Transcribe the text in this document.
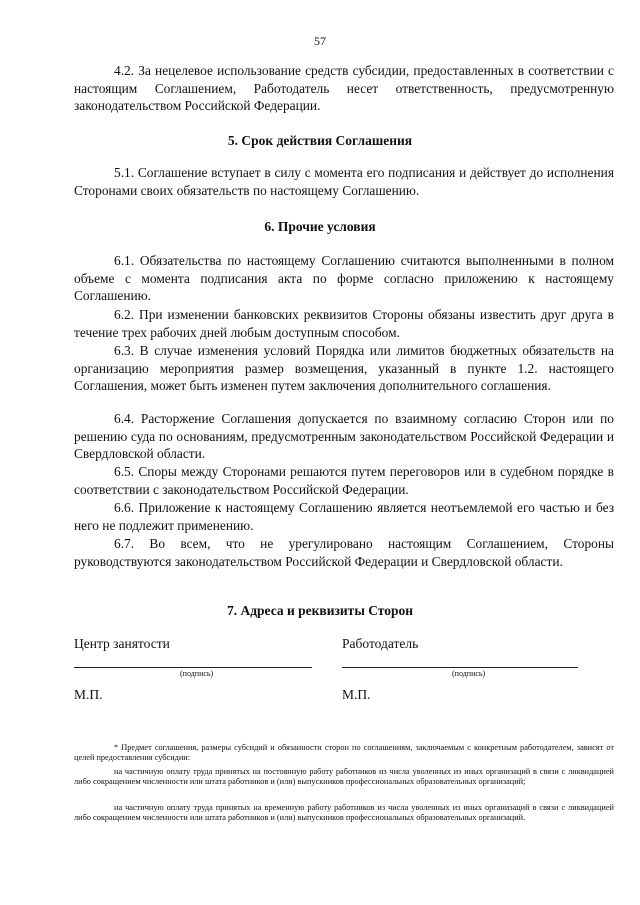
57

4.2. За нецелевое использование средств субсидии, предоставленных в соответствии с настоящим Соглашением, Работодатель несет ответственность, предусмотренную законодательством Российской Федерации.

5. Срок действия Соглашения

5.1. Соглашение вступает в силу с момента его подписания и действует до исполнения Сторонами своих обязательств по настоящему Соглашению.

6. Прочие условия

6.1. Обязательства по настоящему Соглашению считаются выполненными в полном объеме с момента подписания акта по форме согласно приложению к настоящему Соглашению.

6.2. При изменении банковских реквизитов Стороны обязаны известить друг друга в течение трех рабочих дней любым доступным способом.

6.3. В случае изменения условий Порядка или лимитов бюджетных обязательств на организацию мероприятия размер возмещения, указанный в пункте 1.2. настоящего Соглашения, может быть изменен путем заключения дополнительного соглашения.

6.4. Расторжение Соглашения допускается по взаимному согласию Сторон или по решению суда по основаниям, предусмотренным законодательством Российской Федерации и Свердловской области.

6.5. Споры между Сторонами решаются путем переговоров или в судебном порядке в соответствии с законодательством Российской Федерации.

6.6. Приложение к настоящему Соглашению является неотъемлемой его частью и без него не подлежит применению.

6.7. Во всем, что не урегулировано настоящим Соглашением, Стороны руководствуются законодательством Российской Федерации и Свердловской области.

7. Адреса и реквизиты Сторон
Центр занятости	Работодатель
(подпись)	(подпись)
М.П.	М.П.

* Предмет соглашения, размеры субсидий и обязанности сторон по соглашениям, заключаемым с конкретным работодателем, зависят от целей предоставления субсидии:

на частичную оплату труда принятых на постоянную работу работников из числа уволенных из иных организаций в связи с ликвидацией либо сокращением численности или штата работников и (или) выпускников профессиональных образовательных организаций;

на частичную оплату труда принятых на временную работу работников из числа уволенных из иных организаций в связи с ликвидацией либо сокращением численности или штата работников и (или) выпускников профессиональных образовательных организаций.
